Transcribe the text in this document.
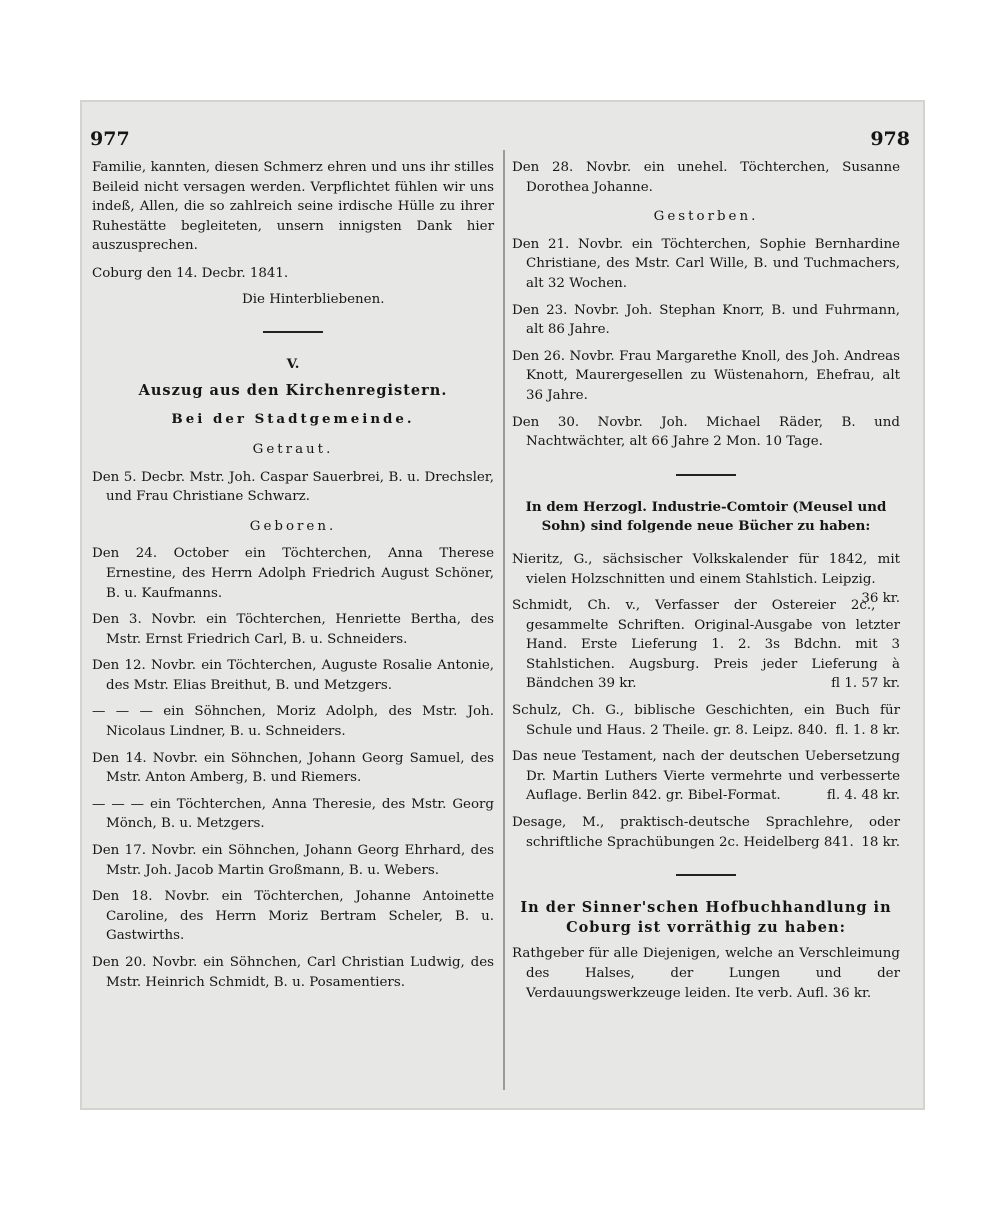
977	978

Familie, kannten, diesen Schmerz ehren und uns ihr stilles Beileid nicht versagen werden. Verpflichtet fühlen wir uns indeß, Allen, die so zahlreich seine irdische Hülle zu ihrer Ruhestätte begleiteten, unsern innigsten Dank hier auszusprechen.

Coburg den 14. Decbr. 1841.

Die Hinterbliebenen.

V.

Auszug aus den Kirchenregistern.

Bei der Stadtgemeinde.

Getraut.

Den 5. Decbr. Mstr. Joh. Caspar Sauerbrei, B. u. Drechsler, und Frau Christiane Schwarz.

Geboren.

Den 24. October ein Töchterchen, Anna Therese Ernestine, des Herrn Adolph Friedrich August Schöner, B. u. Kaufmanns.

Den 3. Novbr. ein Töchterchen, Henriette Bertha, des Mstr. Ernst Friedrich Carl, B. u. Schneiders.

Den 12. Novbr. ein Töchterchen, Auguste Rosalie Antonie, des Mstr. Elias Breithut, B. und Metzgers.

— — — ein Söhnchen, Moriz Adolph, des Mstr. Joh. Nicolaus Lindner, B. u. Schneiders.

Den 14. Novbr. ein Söhnchen, Johann Georg Samuel, des Mstr. Anton Amberg, B. und Riemers.

— — — ein Töchterchen, Anna Theresie, des Mstr. Georg Mönch, B. u. Metzgers.

Den 17. Novbr. ein Söhnchen, Johann Georg Ehrhard, des Mstr. Joh. Jacob Martin Großmann, B. u. Webers.

Den 18. Novbr. ein Töchterchen, Johanne Antoinette Caroline, des Herrn Moriz Bertram Scheler, B. u. Gastwirths.

Den 20. Novbr. ein Söhnchen, Carl Christian Ludwig, des Mstr. Heinrich Schmidt, B. u. Posamentiers.

Den 28. Novbr. ein unehel. Töchterchen, Susanne Dorothea Johanne.

Gestorben.

Den 21. Novbr. ein Töchterchen, Sophie Bernhardine Christiane, des Mstr. Carl Wille, B. und Tuchmachers, alt 32 Wochen.

Den 23. Novbr. Joh. Stephan Knorr, B. und Fuhrmann, alt 86 Jahre.

Den 26. Novbr. Frau Margarethe Knoll, des Joh. Andreas Knott, Maurergesellen zu Wüstenahorn, Ehefrau, alt 36 Jahre.

Den 30. Novbr. Joh. Michael Räder, B. und Nachtwächter, alt 66 Jahre 2 Mon. 10 Tage.

In dem Herzogl. Industrie-Comtoir (Meusel und Sohn) sind folgende neue Bücher zu haben:

Nieritz, G., sächsischer Volkskalender für 1842, mit vielen Holzschnitten und einem Stahlstich. Leipzig.
36 kr.

Schmidt, Ch. v., Verfasser der Ostereier 2c., gesammelte Schriften. Original-Ausgabe von letzter Hand. Erste Lieferung 1. 2. 3s Bdchn. mit 3 Stahlstichen. Augsburg. Preis jeder Lieferung à Bändchen 39 kr.	fl 1. 57 kr.

Schulz, Ch. G., biblische Geschichten, ein Buch für Schule und Haus. 2 Theile. gr. 8. Leipz. 840. fl. 1. 8 kr.

Das neue Testament, nach der deutschen Uebersetzung Dr. Martin Luthers Vierte vermehrte und verbesserte Auflage. Berlin 842. gr. Bibel-Format.	fl. 4. 48 kr.

Desage, M., praktisch-deutsche Sprachlehre, oder schriftliche Sprachübungen 2c. Heidelberg 841. 18 kr.

In der Sinner'schen Hofbuchhandlung in Coburg ist vorräthig zu haben:

Rathgeber für alle Diejenigen, welche an Verschleimung des Halses, der Lungen und der Verdauungswerkzeuge leiden. Ite verb. Aufl. 36 kr.
